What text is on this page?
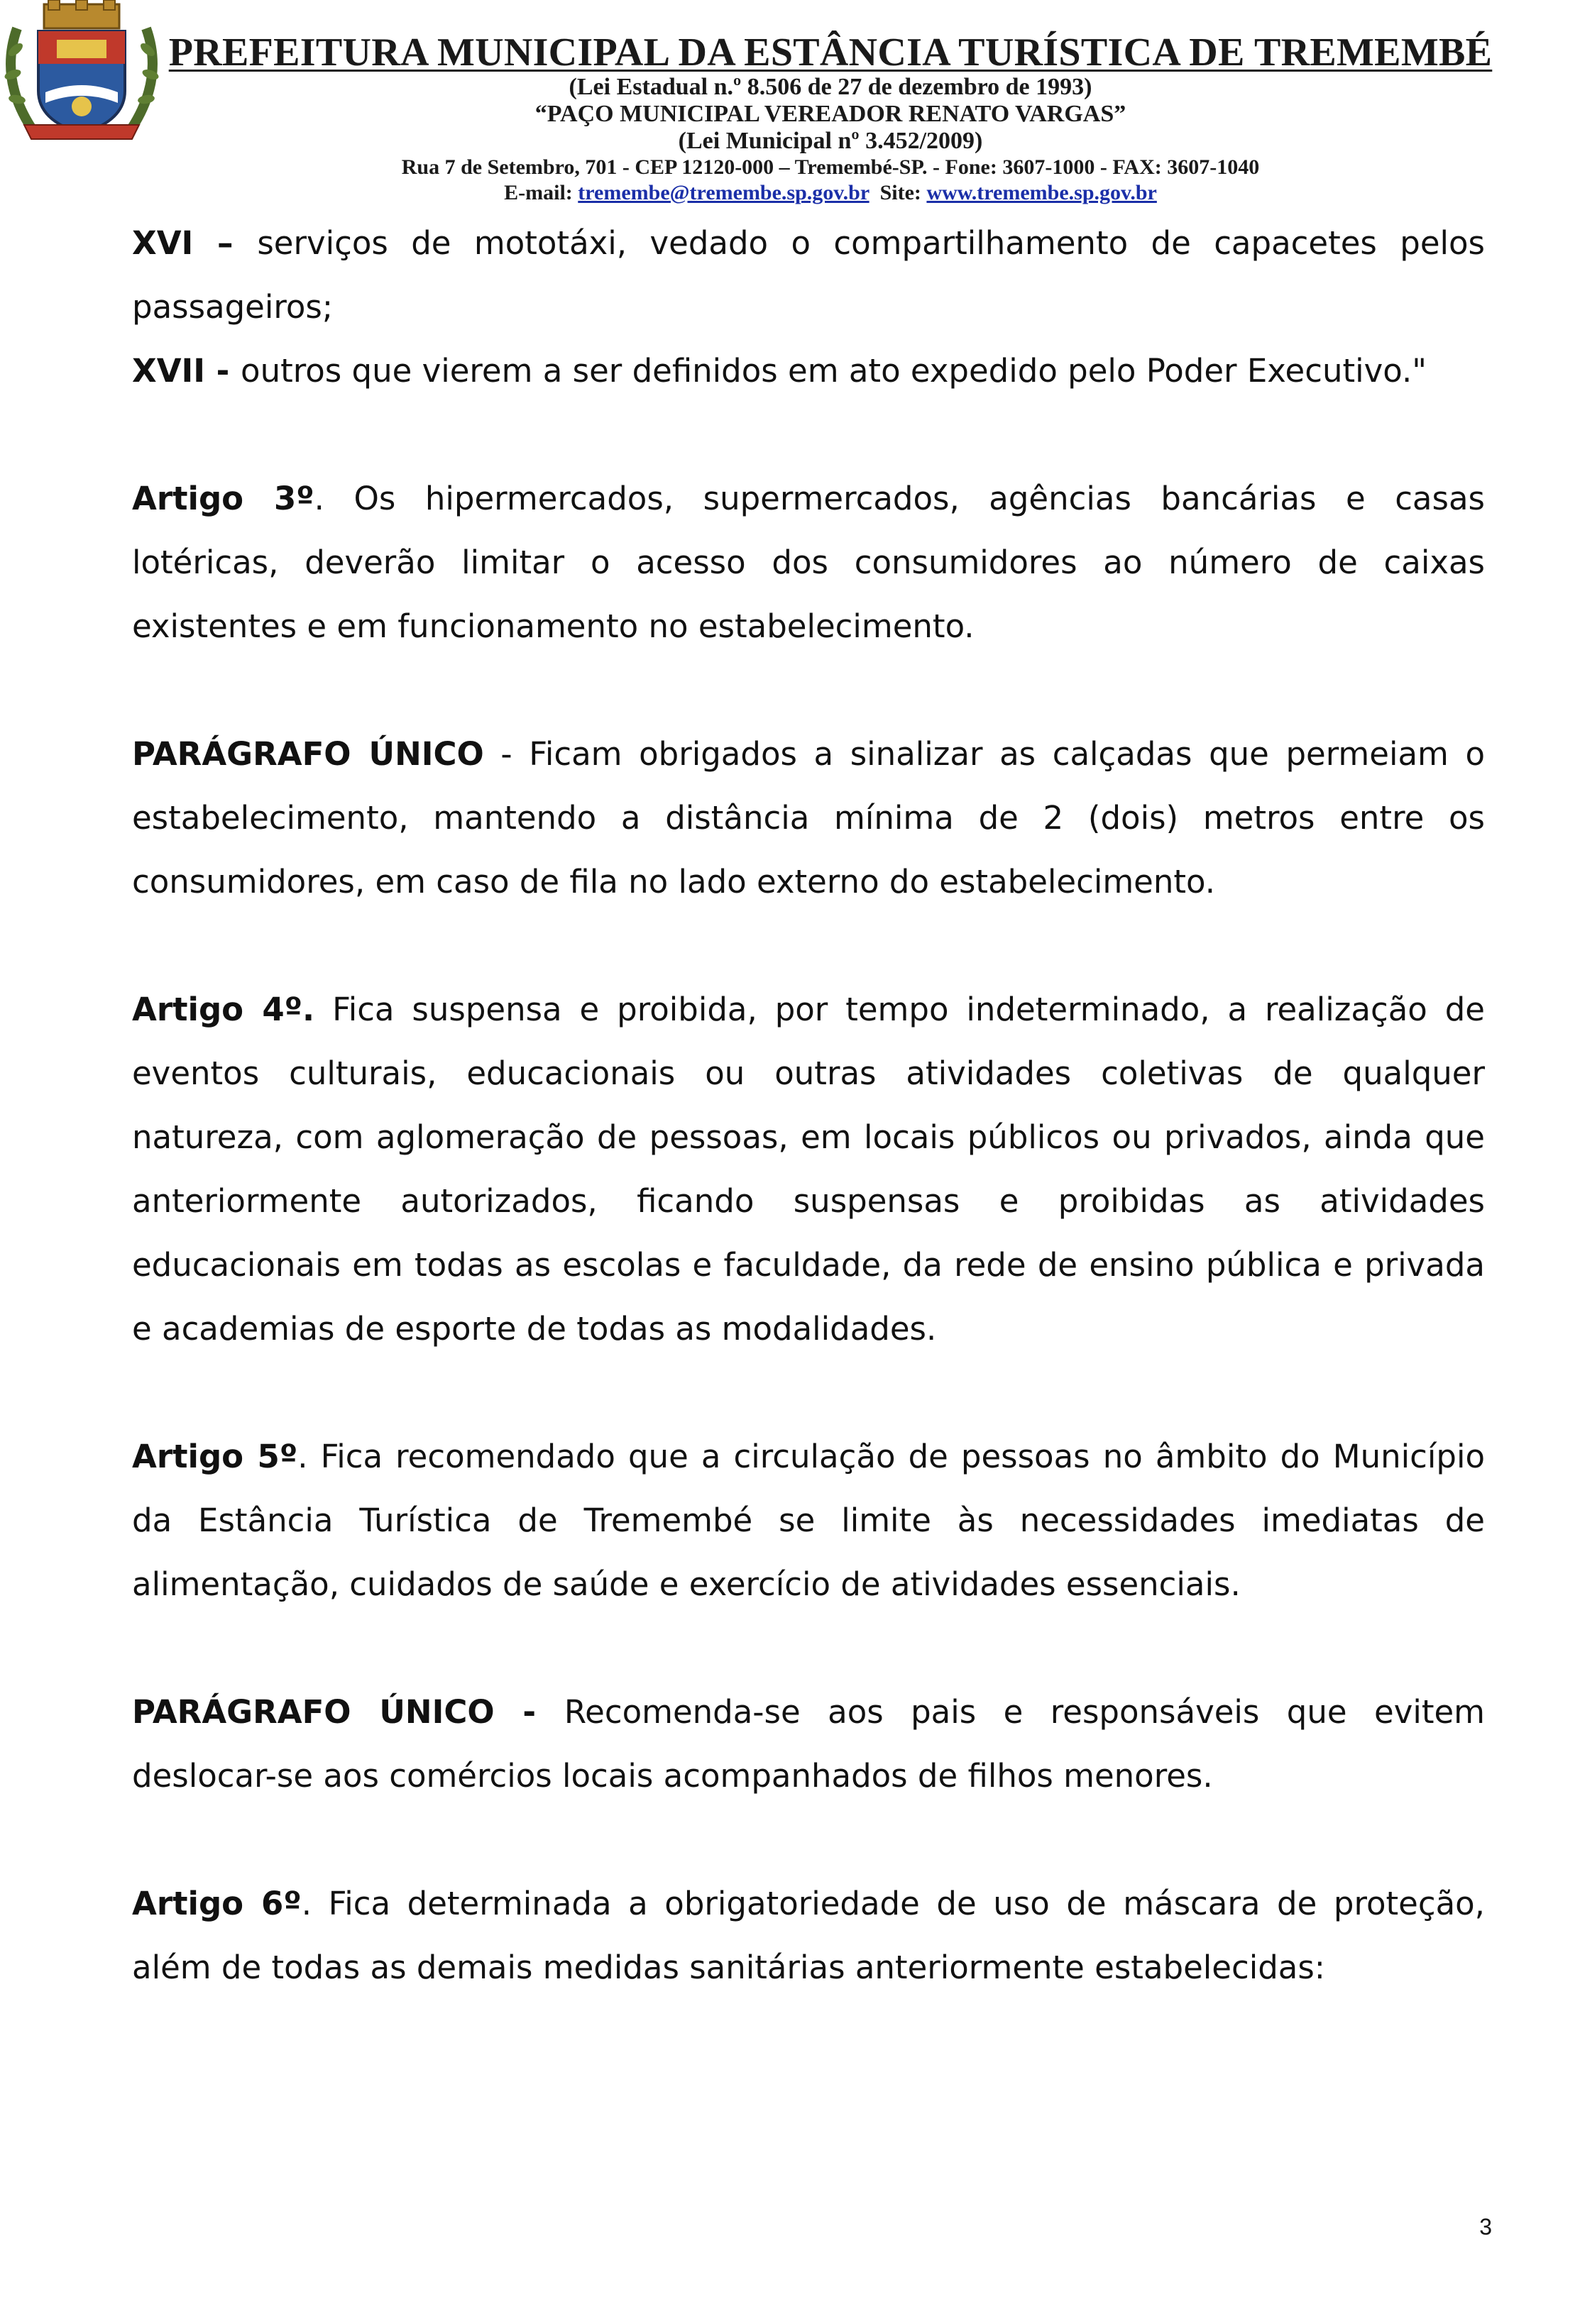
PREFEITURA MUNICIPAL DA ESTÂNCIA TURÍSTICA DE TREMEMBÉ
(Lei Estadual n.º 8.506 de 27 de dezembro de 1993)
“PAÇO MUNICIPAL VEREADOR RENATO VARGAS”
(Lei Municipal nº 3.452/2009)
Rua 7 de Setembro, 701 - CEP 12120-000 – Tremembé-SP. - Fone: 3607-1000 - FAX: 3607-1040
E-mail: tremembe@tremembe.sp.gov.br  Site: www.tremembe.sp.gov.br

XVI – serviços de mototáxi, vedado o compartilhamento de capacetes pelos passageiros;

XVII - outros que vierem a ser definidos em ato expedido pelo Poder Executivo."

Artigo 3º. Os hipermercados, supermercados, agências bancárias e casas lotéricas, deverão limitar o acesso dos consumidores ao número de caixas existentes e em funcionamento no estabelecimento.

PARÁGRAFO ÚNICO - Ficam obrigados a sinalizar as calçadas que permeiam o estabelecimento, mantendo a distância mínima de 2 (dois) metros entre os consumidores, em caso de fila no lado externo do estabelecimento.

Artigo 4º. Fica suspensa e proibida, por tempo indeterminado, a realização de eventos culturais, educacionais ou outras atividades coletivas de qualquer natureza, com aglomeração de pessoas, em locais públicos ou privados, ainda que anteriormente autorizados, ficando suspensas e proibidas as atividades educacionais em todas as escolas e faculdade, da rede de ensino pública e privada e academias de esporte de todas as modalidades.

Artigo 5º. Fica recomendado que a circulação de pessoas no âmbito do Município da Estância Turística de Tremembé se limite às necessidades imediatas de alimentação, cuidados de saúde e exercício de atividades essenciais.

PARÁGRAFO ÚNICO - Recomenda-se aos pais e responsáveis que evitem deslocar-se aos comércios locais acompanhados de filhos menores.

Artigo 6º. Fica determinada a obrigatoriedade de uso de máscara de proteção, além de todas as demais medidas sanitárias anteriormente estabelecidas:

3
